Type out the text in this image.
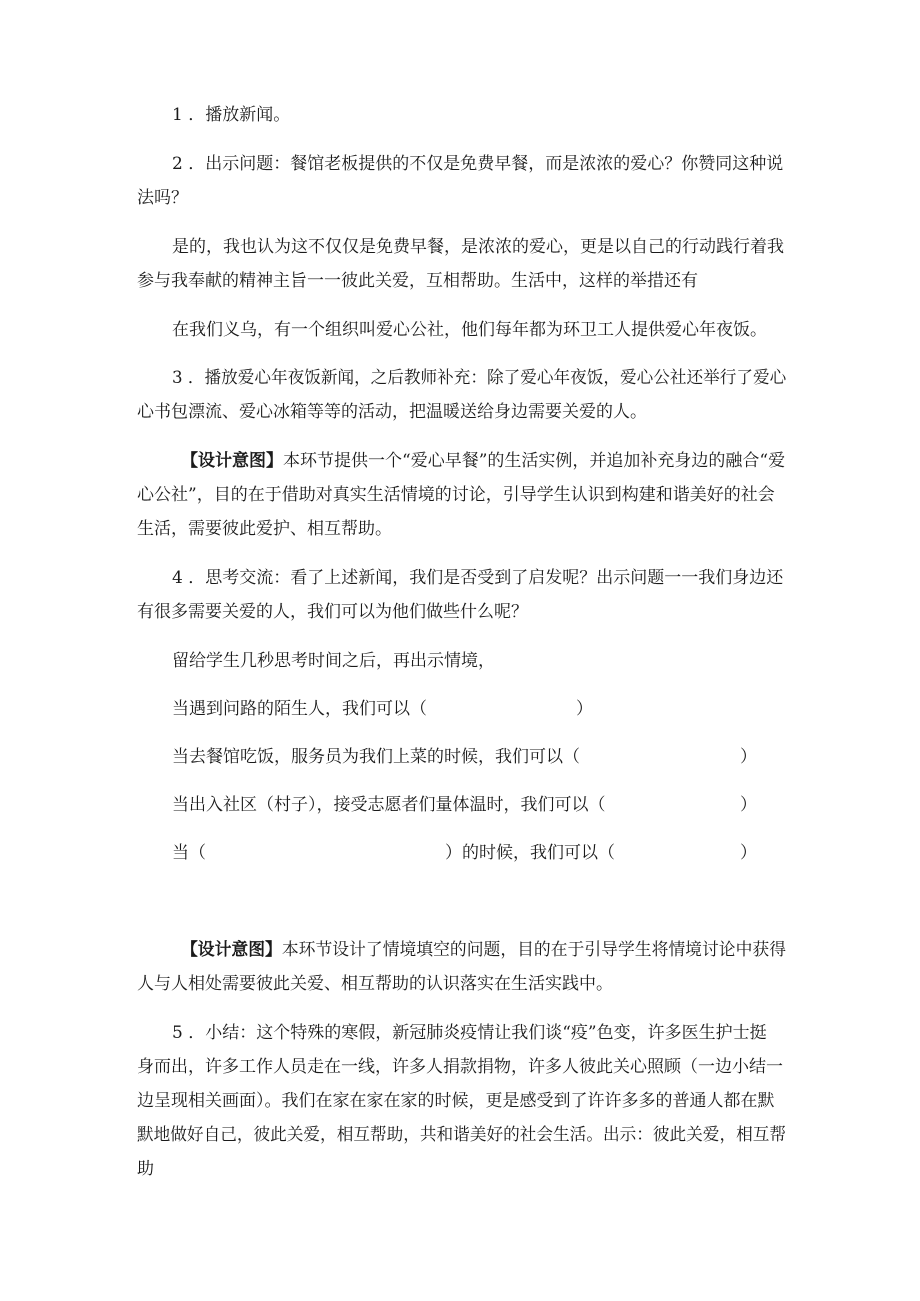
1 ．播放新闻。
2 ．出示问题：餐馆老板提供的不仅是免费早餐，而是浓浓的爱心？你赞同这种说
法吗？
是的，我也认为这不仅仅是免费早餐，是浓浓的爱心，更是以自己的行动践行着我
参与我奉献的精神主旨一一彼此关爱，互相帮助。生活中，这样的举措还有
在我们义乌，有一个组织叫爱心公社，他们每年都为环卫工人提供爱心年夜饭。
3 ．播放爱心年夜饭新闻，之后教师补充：除了爱心年夜饭，爱心公社还举行了爱心
心书包漂流、爱心冰箱等等的活动，把温暖送给身边需要关爱的人。
【设计意图】本环节提供一个“爱心早餐”的生活实例，并追加补充身边的融合“爱
心公社”，目的在于借助对真实生活情境的讨论，引导学生认识到构建和谐美好的社会
生活，需要彼此爱护、相互帮助。
4 ．思考交流：看了上述新闻，我们是否受到了启发呢？出示问题一一我们身边还
有很多需要关爱的人，我们可以为他们做些什么呢？
留给学生几秒思考时间之后，再出示情境，
当遇到问路的陌生人，我们可以（	）
当去餐馆吃饭，服务员为我们上菜的时候，我们可以（	）
当出入社区（村子），接受志愿者们量体温时，我们可以（	）
当（	）的时候，我们可以（	）
【设计意图】本环节设计了情境填空的问题，目的在于引导学生将情境讨论中获得
人与人相处需要彼此关爱、相互帮助的认识落实在生活实践中。
5 ．小结：这个特殊的寒假，新冠肺炎疫情让我们谈“疫”色变，许多医生护士挺
身而出，许多工作人员走在一线，许多人捐款捐物，许多人彼此关心照顾（一边小结一
边呈现相关画面）。我们在家在家在家的时候，更是感受到了许许多多的普通人都在默
默地做好自己，彼此关爱，相互帮助，共和谐美好的社会生活。出示：彼此关爱，相互帮
助
